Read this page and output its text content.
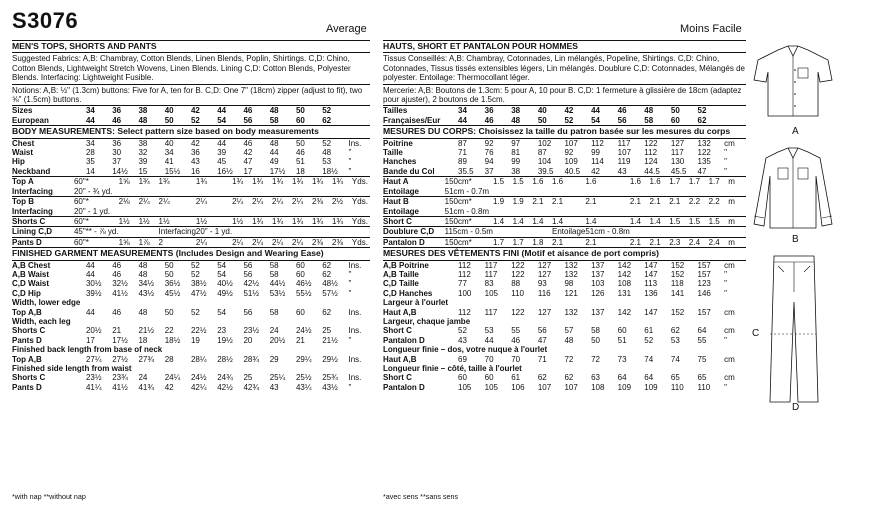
S3076	Average	Moins Facile
MEN'S TOPS, SHORTS AND PANTS
Suggested Fabrics: A,B: Chambray, Cotton Blends, Linen Blends, Poplin, Shirtings. C,D: Chino, Cotton Blends, Lightweight Stretch Wovens, Linen Blends. Lining C,D: Cotton Blends, Polyester Blends. Interfacing: Lightweight Fusible.
Notions: A,B: ½" (1.3cm) buttons: Five for A, ten for B. C,D: One 7" (18cm) zipper (adjust to fit), two ⅝" (1.5cm) buttons.
Sizes	34	36	38	40	42	44	46	48	50	52	
European	44	46	48	50	52	54	56	58	60	62	
BODY MEASUREMENTS: Select pattern size based on body measurements
Chest	34	36	38	40	42	44	46	48	50	52	Ins.
Waist	28	30	32	34	36	39	42	44	46	48	"
Hip	35	37	39	41	43	45	47	49	51	53	"
Neckband	14	14½	15	15½	16	16½	17	17½	18	18½	"
Top A	60"*	1⅝	1¾	1¾	1¾	1¾	1¾	1¾	1¾	1¾	1¾	Yds.
Interfacing	20" - ¾ yd.											
Top B	60"*	2⅛	2¼	2¼	2¼	2¼	2¼	2¼	2¼	2⅜	2½	Yds.
Interfacing	20" - 1 yd.											
Shorts C	60"*	1½	1½	1½	1½	1½	1¾	1¾	1¾	1¾	1¾	Yds.
Lining C,D	45"** - ⅞ yd.			Interfacing	20" - 1 yd.							
Pants D	60"*	1⅝	1⅞	2	2¼	2¼	2¼	2¼	2¼	2⅜	2⅜	Yds.
FINISHED GARMENT MEASUREMENTS (Includes Design and Wearing Ease)
A,B Chest	44	46	48	50	52	54	56	58	60	62	Ins.
A,B Waist	44	46	48	50	52	54	56	58	60	62	"
C,D Waist	30½	32½	34½	36½	38½	40½	42½	44½	46½	48½	"
C,D Hip	39½	41½	43½	45½	47½	49½	51½	53½	55½	57½	"
Width, lower edge											
Top A,B	44	46	48	50	52	54	56	58	60	62	Ins.
Width, each leg											
Shorts C	20½	21	21½	22	22½	23	23½	24	24½	25	Ins.
Pants D	17	17½	18	18½	19	19½	20	20½	21	21½	"
Finished back length from base of neck											
Top A,B	27¼	27½	27¾	28	28¼	28½	28¾	29	29¼	29½	Ins.
Finished side length from waist											
Shorts C	23½	23¾	24	24¼	24½	24¾	25	25¼	25½	25¾	Ins.
Pants D	41¼	41½	41¾	42	42¼	42½	42¾	43	43¼	43½	"
HAUTS, SHORT ET PANTALON POUR HOMMES
Tissus Conseillés: A,B: Chambray, Cotonnades, Lin mélangés, Popeline, Shirtings. C,D: Chino, Cotonnades, Tissus tissés extensibles légers, Lin mélangés. Doublure C,D: Cotonnades, Mélangés de polyester. Entoilage: Thermocollant léger.
Mercerie: A,B: Boutons de 1.3cm: 5 pour A, 10 pour B. C,D: 1 fermeture à glissière de 18cm (adaptez pour ajuster), 2 boutons de 1.5cm.
Tailles	34	36	38	40	42	44	46	48	50	52	
Françaises/Eur	44	46	48	50	52	54	56	58	60	62	
MESURES DU CORPS: Choisissez la taille du patron basée sur les mesures du corps
Poitrine	87	92	97	102	107	112	117	122	127	132	cm
Taille	71	76	81	87	92	99	107	112	117	122	"
Hanches	89	94	99	104	109	114	119	124	130	135	"
Bande du Col	35.5	37	38	39.5	40.5	42	43	44.5	45.5	47	"
Haut A	150cm*	1.5	1.5	1.6	1.6	1.6	1.6	1.6	1.7	1.7	1.7	m
Entoilage	51cm - 0.7m											
Haut B	150cm*	1.9	1.9	2.1	2.1	2.1	2.1	2.1	2.1	2.2	2.2	m
Entoilage	51cm - 0.8m											
Short C	150cm*	1.4	1.4	1.4	1.4	1.4	1.4	1.4	1.5	1.5	1.5	m
Doublure C,D	115cm - 0.5m				Entoilage	51cm - 0.8m						
Pantalon D	150cm*	1.7	1.7	1.8	2.1	2.1	2.1	2.1	2.3	2.4	2.4	m
MESURES DES VÊTEMENTS FINI (Motif et aisance de port compris)
A,B Poitrine	112	117	122	127	132	137	142	147	152	157	cm
A,B Taille	112	117	122	127	132	137	142	147	152	157	"
C,D Taille	77	83	88	93	98	103	108	113	118	123	"
C,D Hanches	100	105	110	116	121	126	131	136	141	146	"
Largeur à l'ourlet											
Haut A,B	112	117	122	127	132	137	142	147	152	157	cm
Largeur, chaque jambe											
Short C	52	53	55	56	57	58	60	61	62	64	cm
Pantalon D	43	44	46	47	48	50	51	52	53	55	"
Longueur finie – dos, votre nuque à l'ourlet											
Haut A,B	69	70	70	71	72	72	73	74	74	75	cm
Longueur finie – côté, taille à l'ourlet											
Short C	60	60	61	62	62	63	64	64	65	65	cm
Pantalon D	105	105	106	107	107	108	109	109	110	110	"
*with nap **without nap	*avec sens **sans sens
A
B
C
D
